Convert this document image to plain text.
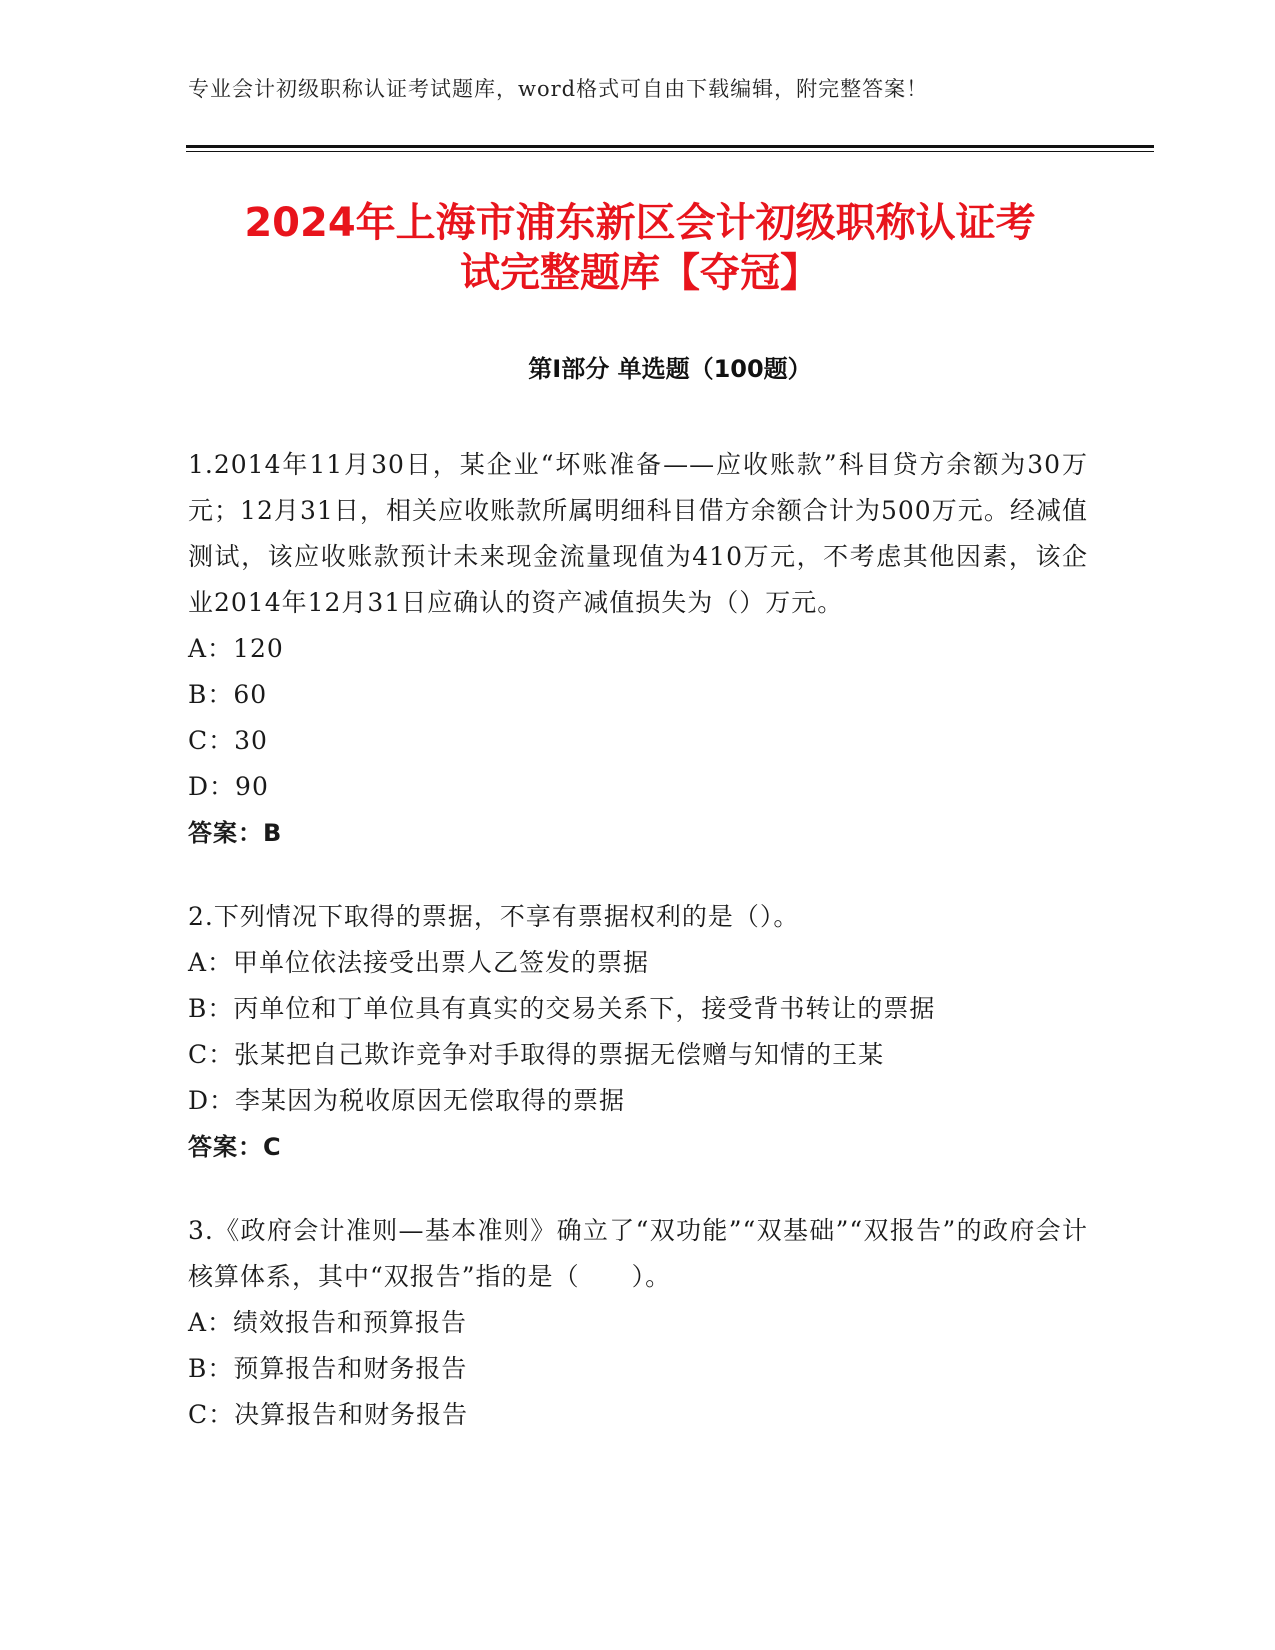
专业会计初级职称认证考试题库，word格式可自由下载编辑，附完整答案！
2024年上海市浦东新区会计初级职称认证考
试完整题库【夺冠】
第Ⅰ部分 单选题（100题）

1.2014年11月30日，某企业“坏账准备——应收账款”科目贷方余额为30万元；12月31日，相关应收账款所属明细科目借方余额合计为500万元。经减值测试，该应收账款预计未来现金流量现值为410万元，不考虑其他因素，该企业2014年12月31日应确认的资产减值损失为（）万元。

A：120

B：60

C：30

D：90

答案：B

2.下列情况下取得的票据，不享有票据权利的是（）。

A：甲单位依法接受出票人乙签发的票据

B：丙单位和丁单位具有真实的交易关系下，接受背书转让的票据

C：张某把自己欺诈竞争对手取得的票据无偿赠与知情的王某

D：李某因为税收原因无偿取得的票据

答案：C

3.《政府会计准则—基本准则》确立了“双功能”“双基础”“双报告”的政府会计核算体系，其中“双报告”指的是（　　）。

A：绩效报告和预算报告

B：预算报告和财务报告

C：决算报告和财务报告
